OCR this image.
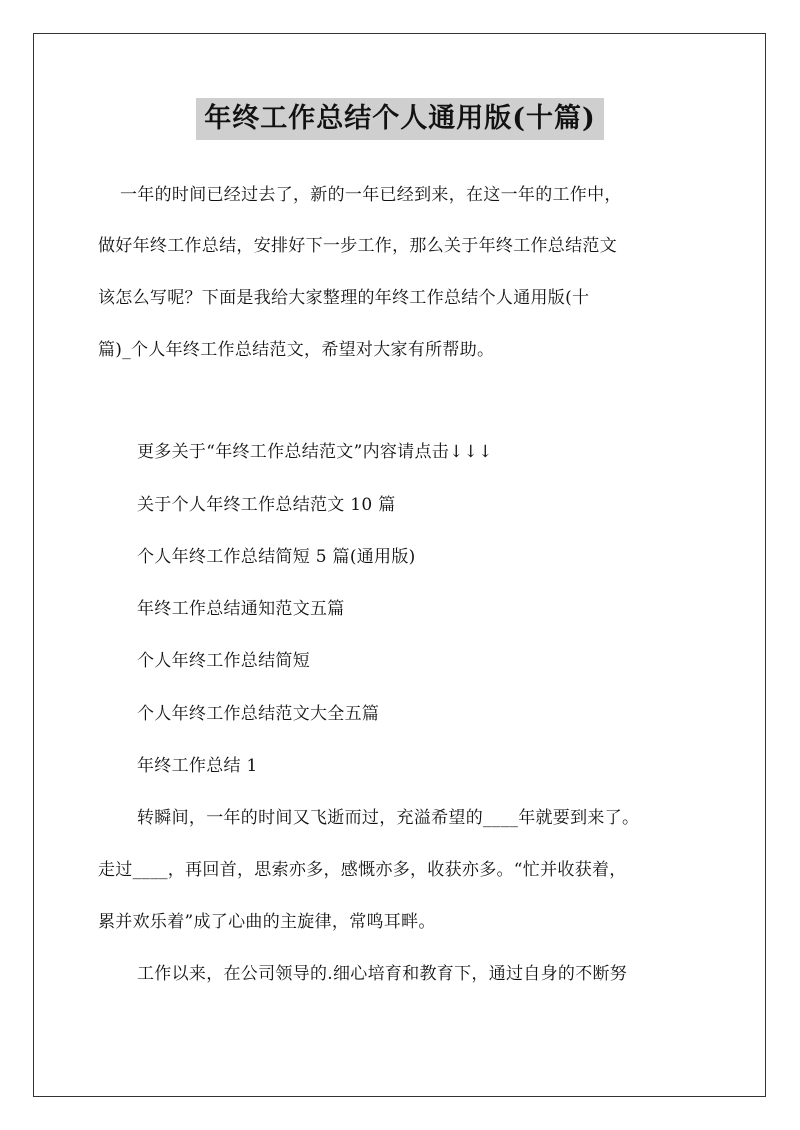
年终工作总结个人通用版(十篇)
一年的时间已经过去了，新的一年已经到来，在这一年的工作中，
做好年终工作总结，安排好下一步工作，那么关于年终工作总结范文
该怎么写呢？下面是我给大家整理的年终工作总结个人通用版(十
篇)_个人年终工作总结范文，希望对大家有所帮助。
更多关于“年终工作总结范文”内容请点击↓↓↓
关于个人年终工作总结范文 10 篇
个人年终工作总结简短 5 篇(通用版)
年终工作总结通知范文五篇
个人年终工作总结简短
个人年终工作总结范文大全五篇
年终工作总结 1
转瞬间，一年的时间又飞逝而过，充溢希望的____年就要到来了。
走过____，再回首，思索亦多，感慨亦多，收获亦多。“忙并收获着，
累并欢乐着”成了心曲的主旋律，常鸣耳畔。
工作以来，在公司领导的.细心培育和教育下，通过自身的不断努
